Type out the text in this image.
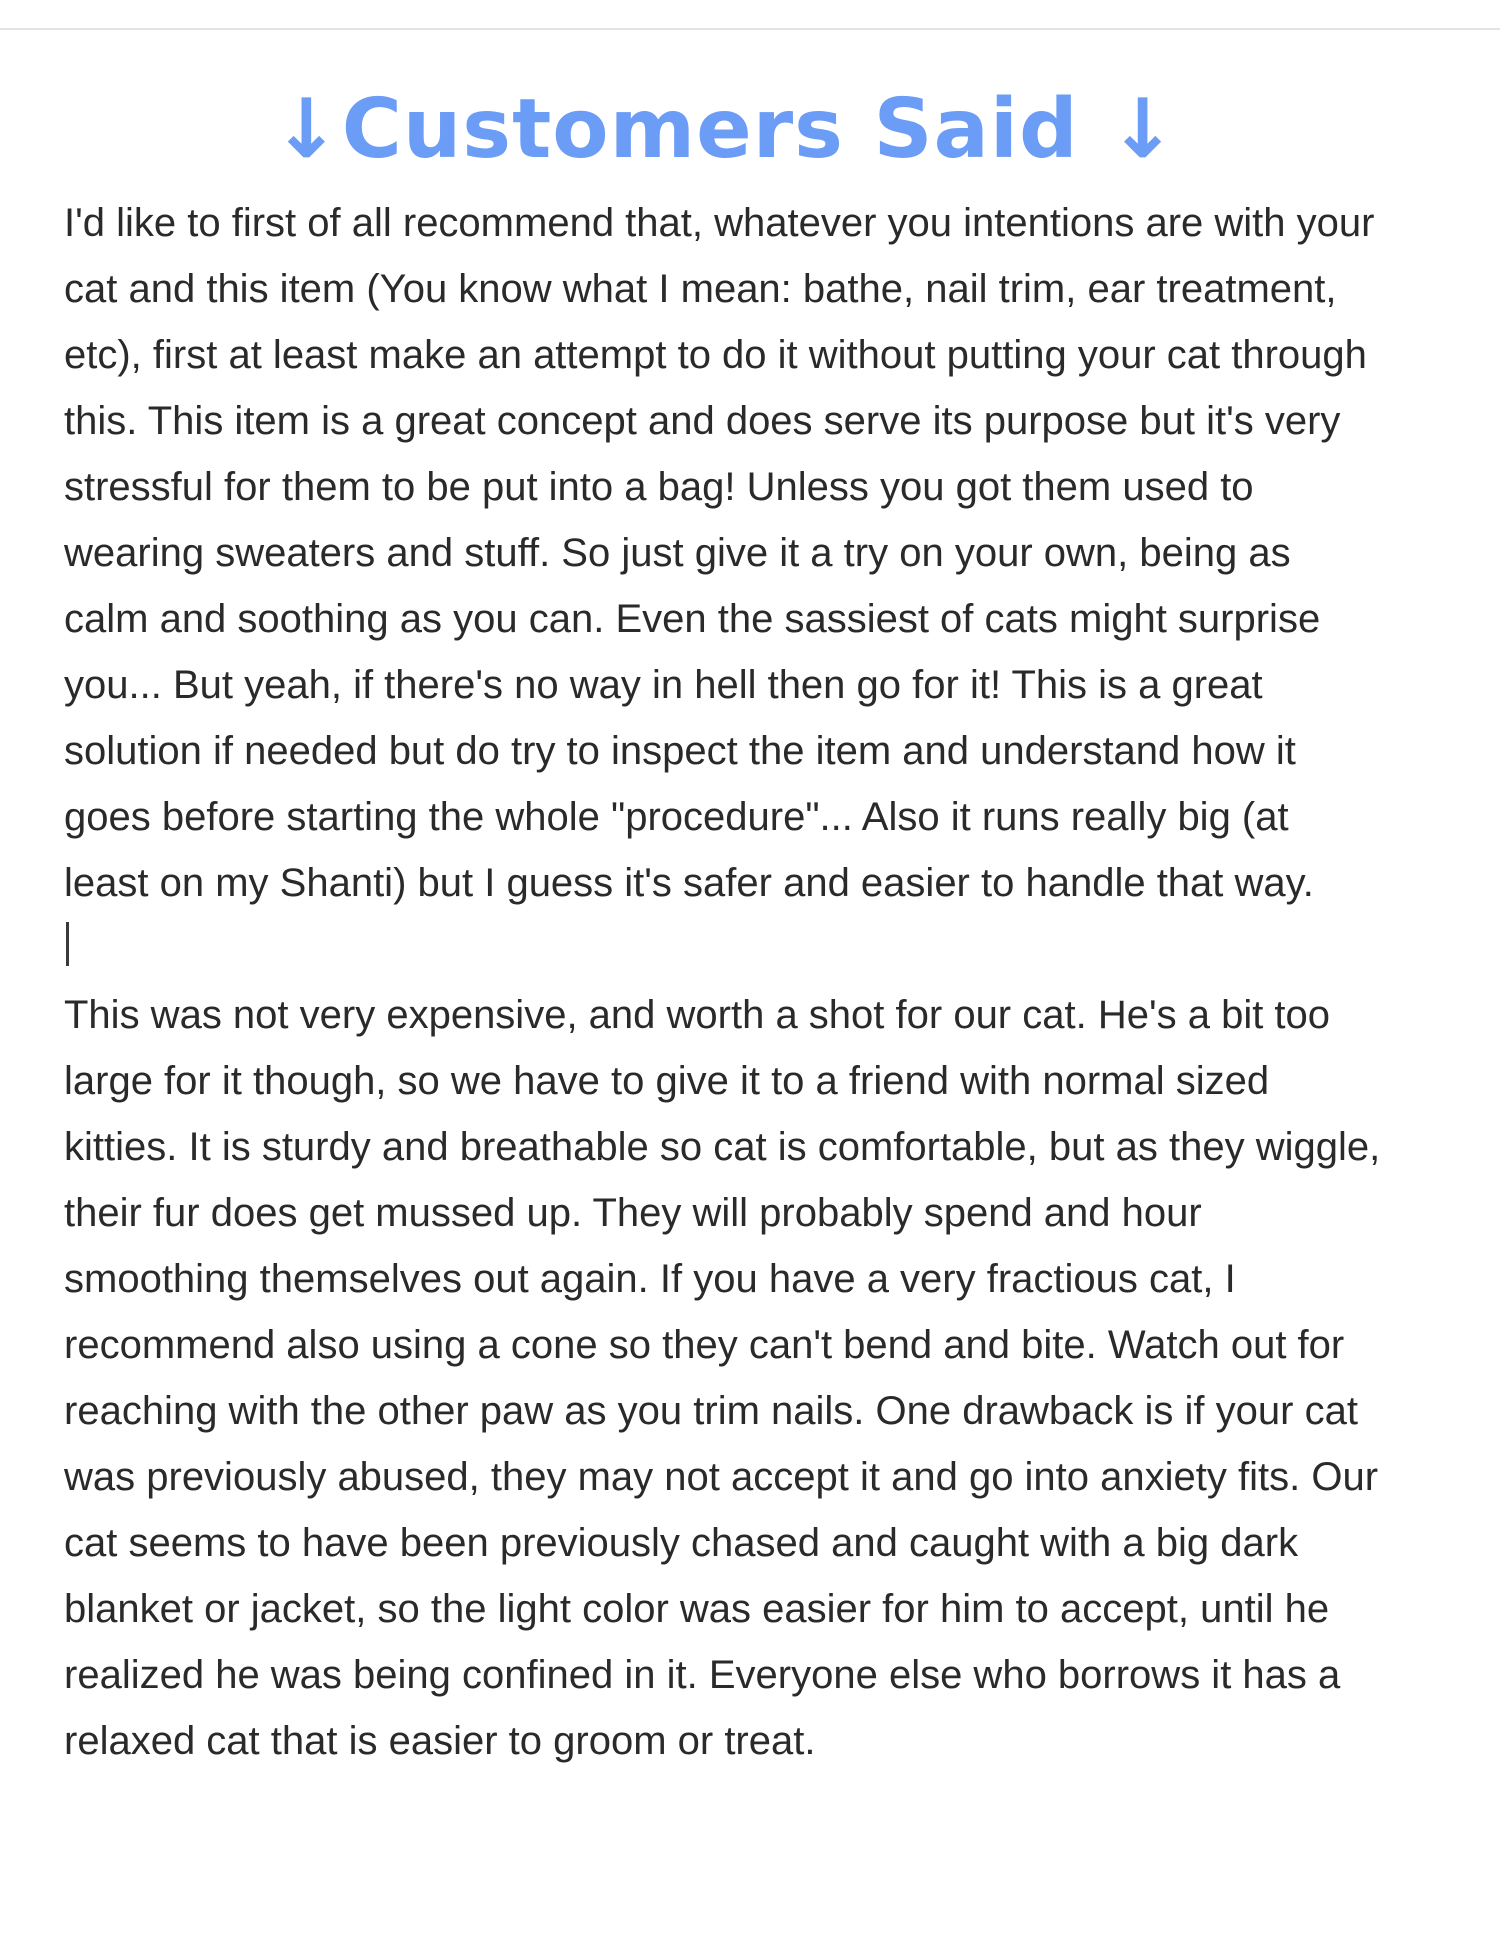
↓Customers Said ↓

I'd like to first of all recommend that, whatever you intentions are with your cat and this item (You know what I mean: bathe, nail trim, ear treatment, etc), first at least make an attempt to do it without putting your cat through this. This item is a great concept and does serve its purpose but it's very stressful for them to be put into a bag! Unless you got them used to wearing sweaters and stuff. So just give it a try on your own, being as calm and soothing as you can. Even the sassiest of cats might surprise you... But yeah, if there's no way in hell then go for it! This is a great solution if needed but do try to inspect the item and understand how it goes before starting the whole "procedure"... Also it runs really big (at least on my Shanti) but I guess it's safer and easier to handle that way.

This was not very expensive, and worth a shot for our cat. He's a bit too large for it though, so we have to give it to a friend with normal sized kitties. It is sturdy and breathable so cat is comfortable, but as they wiggle, their fur does get mussed up. They will probably spend and hour smoothing themselves out again. If you have a very fractious cat, I recommend also using a cone so they can't bend and bite. Watch out for reaching with the other paw as you trim nails. One drawback is if your cat was previously abused, they may not accept it and go into anxiety fits. Our cat seems to have been previously chased and caught with a big dark blanket or jacket, so the light color was easier for him to accept, until he realized he was being confined in it. Everyone else who borrows it has a relaxed cat that is easier to groom or treat.
